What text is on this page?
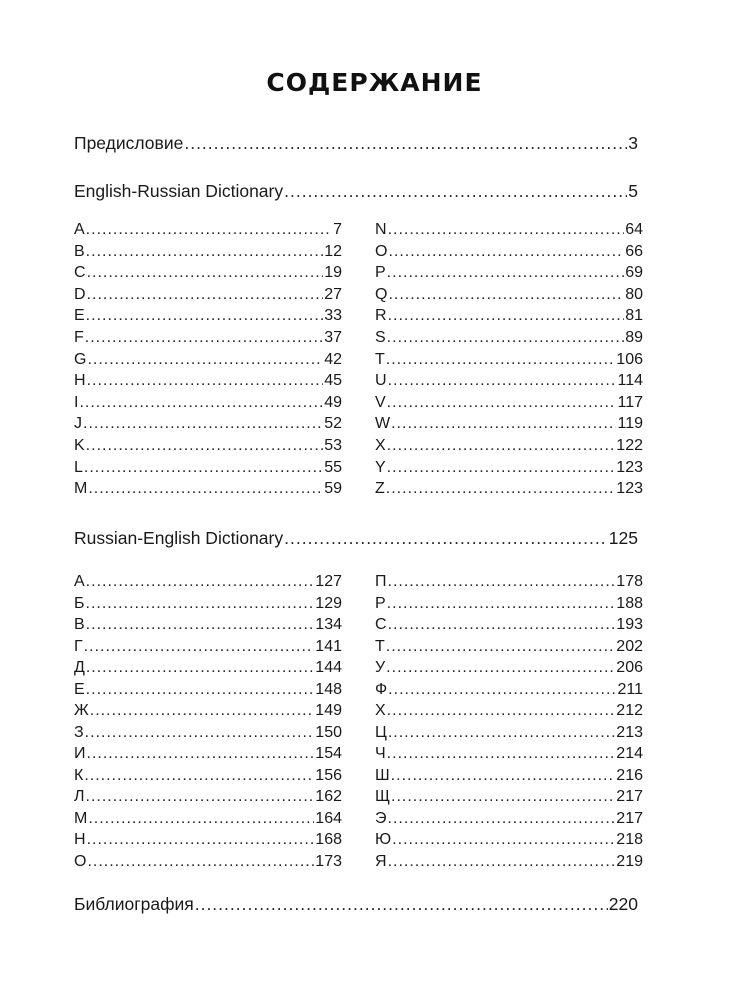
СОДЕРЖАНИЕ
Предисловие .....	3
English-Russian Dictionary .....	5
A .....	7
B .....	12
C .....	19
D .....	27
E .....	33
F .....	37
G .....	42
H .....	45
I .....	49
J .....	52
K .....	53
L .....	55
M .....	59
N .....	64
O .....	66
P .....	69
Q .....	80
R .....	81
S .....	89
T .....	106
U .....	114
V .....	117
W .....	119
X .....	122
Y .....	123
Z .....	123
Russian-English Dictionary .....	125
А .....	127
Б .....	129
В .....	134
Г .....	141
Д .....	144
Е .....	148
Ж .....	149
З .....	150
И .....	154
К .....	156
Л .....	162
М .....	164
Н .....	168
О .....	173
П .....	178
Р .....	188
С .....	193
Т .....	202
У .....	206
Ф .....	211
Х .....	212
Ц .....	213
Ч .....	214
Ш .....	216
Щ .....	217
Э .....	217
Ю .....	218
Я .....	219
Библиография .....	220
